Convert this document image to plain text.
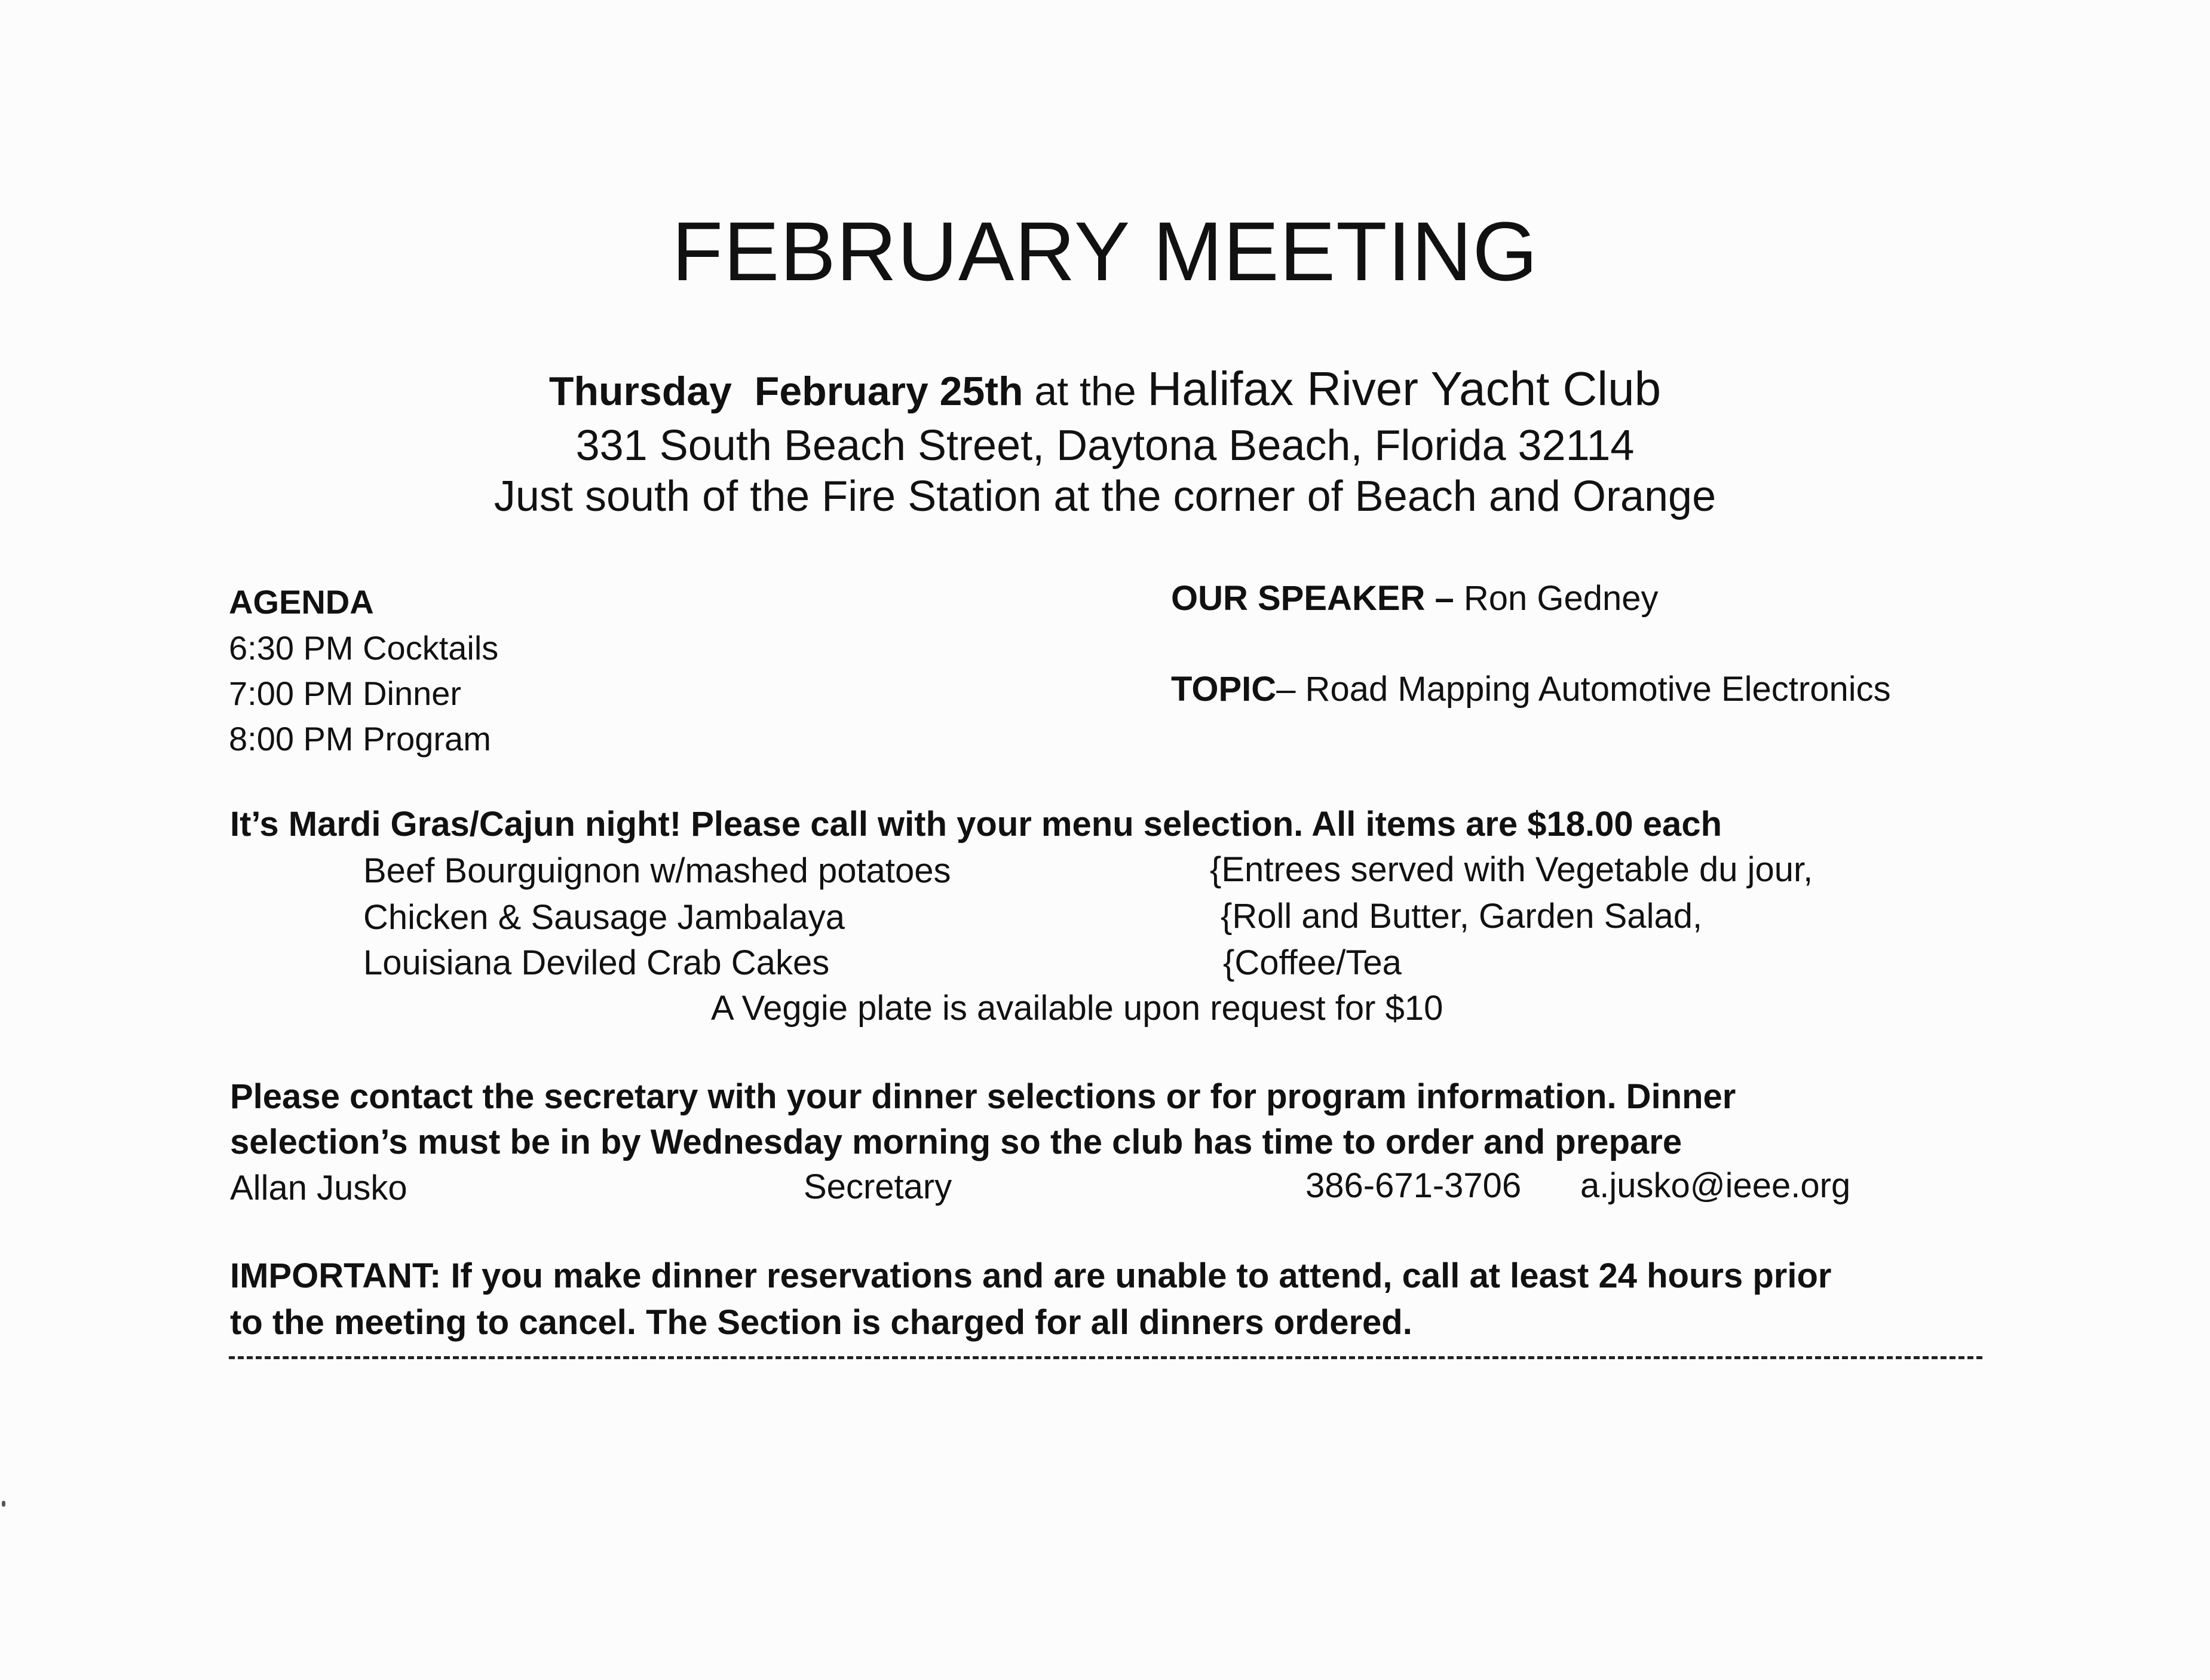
FEBRUARY MEETING
Thursday February 25th at the Halifax River Yacht Club
331 South Beach Street, Daytona Beach, Florida 32114
Just south of the Fire Station at the corner of Beach and Orange
AGENDA
6:30 PM Cocktails
7:00 PM Dinner
8:00 PM Program
OUR SPEAKER – Ron Gedney
TOPIC– Road Mapping Automotive Electronics
It’s Mardi Gras/Cajun night! Please call with your menu selection. All items are $18.00 each
Beef Bourguignon w/mashed potatoes
Chicken & Sausage Jambalaya
Louisiana Deviled Crab Cakes
{Entrees served with Vegetable du jour,
{Roll and Butter, Garden Salad,
{Coffee/Tea
A Veggie plate is available upon request for $10
Please contact the secretary with your dinner selections or for program information. Dinner
selection’s must be in by Wednesday morning so the club has time to order and prepare
Allan Jusko	Secretary	386-671-3706 a.jusko@ieee.org
IMPORTANT: If you make dinner reservations and are unable to attend, call at least 24 hours prior
to the meeting to cancel. The Section is charged for all dinners ordered.
